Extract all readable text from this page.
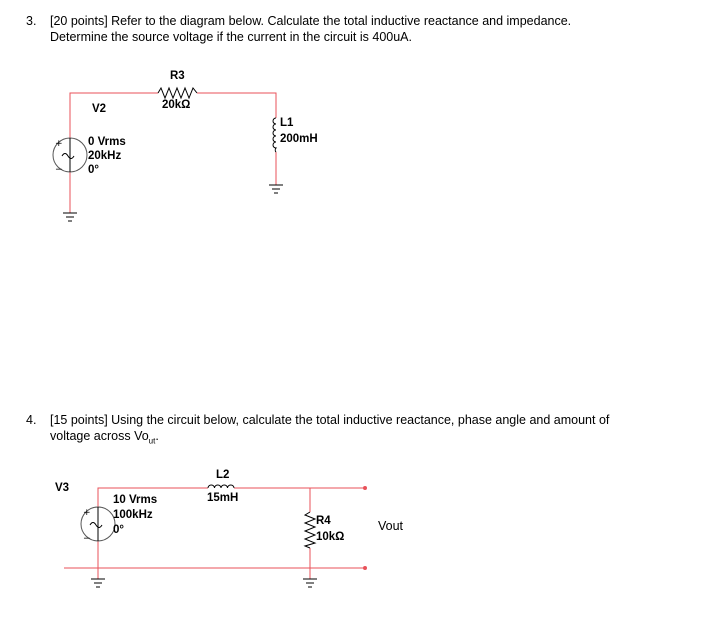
3. [20 points] Refer to the diagram below. Calculate the total inductive reactance and impedance.
Determine the source voltage if the current in the circuit is 400uA.
4. [15 points] Using the circuit below, calculate the total inductive reactance, phase angle and amount of
voltage across $Vo_{ut}$.
R3
20kΩ
L1
200mH
+
−
V2
0 Vrms
20kHz
0°
L2
15mH
R4
10kΩ
Vout
+
−
V3
10 Vrms
100kHz
0°
